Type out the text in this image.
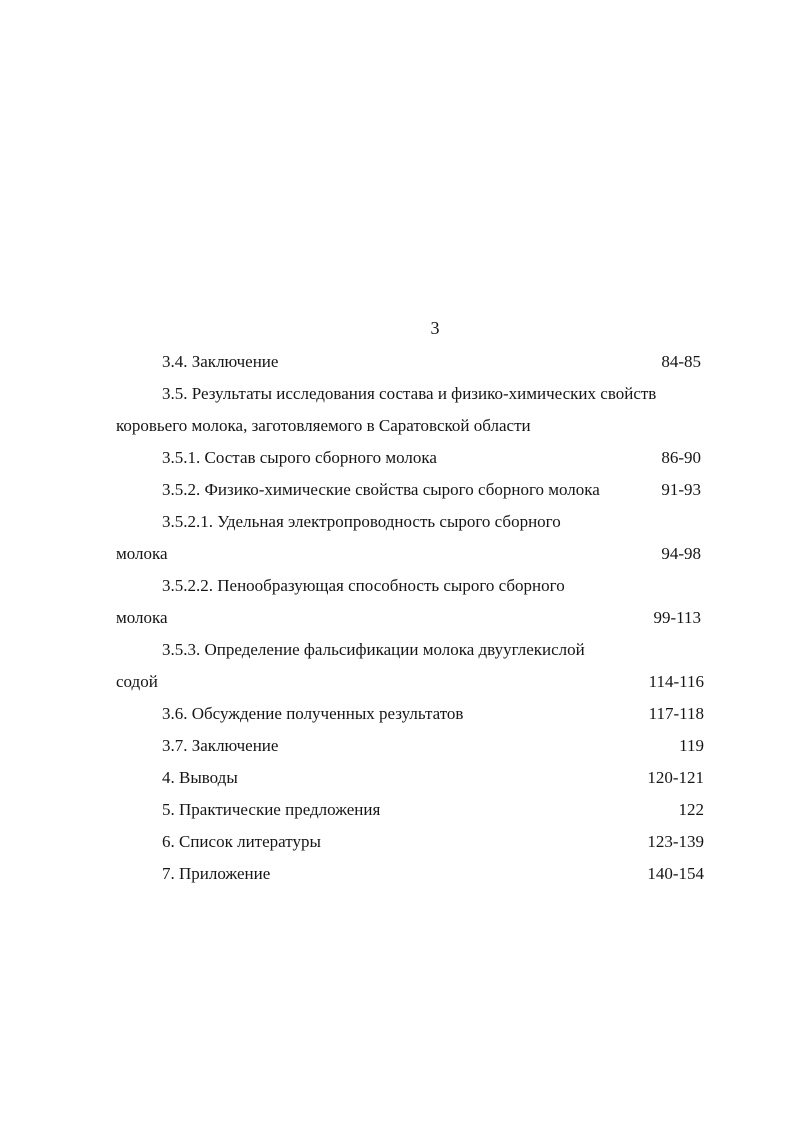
3
3.4. Заключение	84-85
3.5. Результаты исследования состава и физико-химических свойств
коровьего молока, заготовляемого в Саратовской области
3.5.1. Состав сырого сборного молока	86-90
3.5.2. Физико-химические свойства сырого сборного молока	91-93
3.5.2.1. Удельная электропроводность сырого сборного
молока	94-98
3.5.2.2. Пенообразующая способность сырого сборного
молока	99-113
3.5.3. Определение фальсификации молока двууглекислой
содой	114-116
3.6. Обсуждение полученных результатов	117-118
3.7. Заключение	119
4. Выводы	120-121
5. Практические предложения	122
6. Список литературы	123-139
7. Приложение	140-154
